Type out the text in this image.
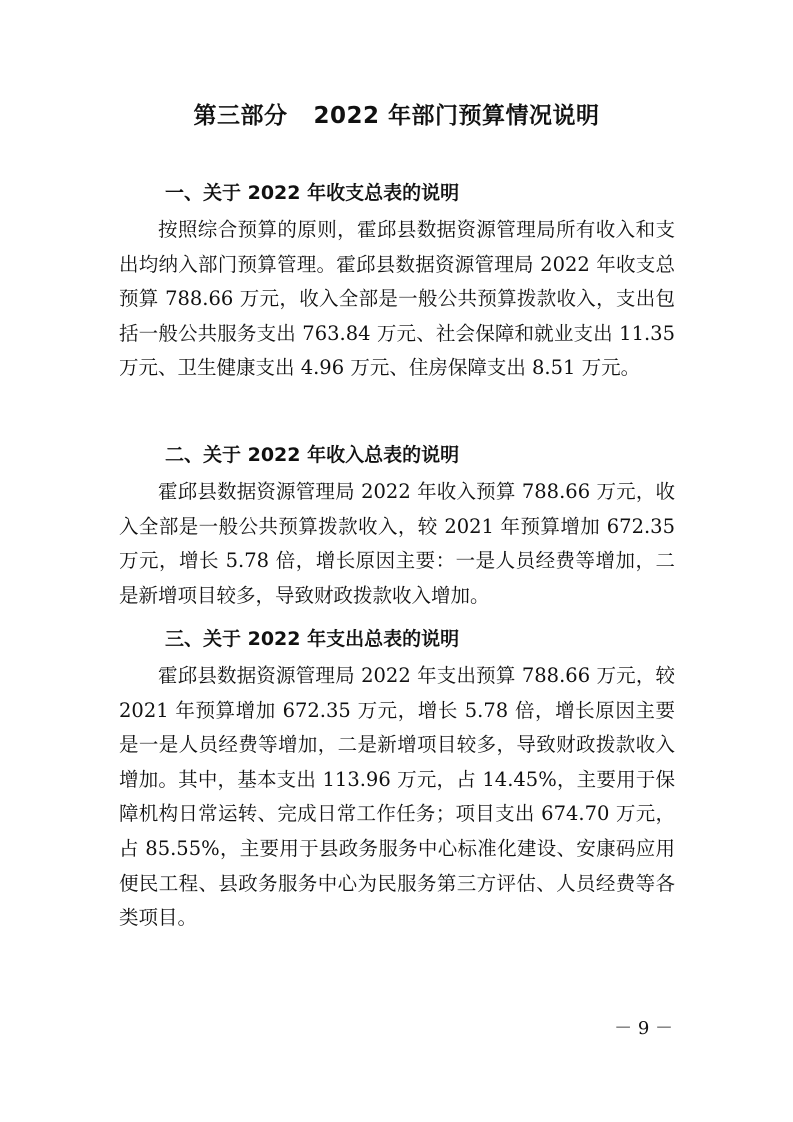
第三部分 2022 年部门预算情况说明
一、关于 2022 年收支总表的说明
按照综合预算的原则，霍邱县数据资源管理局所有收入和支出均纳入部门预算管理。霍邱县数据资源管理局 2022 年收支总预算 788.66 万元，收入全部是一般公共预算拨款收入，支出包括一般公共服务支出 763.84 万元、社会保障和就业支出 11.35 万元、卫生健康支出 4.96 万元、住房保障支出 8.51 万元。
二、关于 2022 年收入总表的说明
霍邱县数据资源管理局 2022 年收入预算 788.66 万元，收入全部是一般公共预算拨款收入，较 2021 年预算增加 672.35 万元，增长 5.78 倍，增长原因主要：一是人员经费等增加，二是新增项目较多，导致财政拨款收入增加。
三、关于 2022 年支出总表的说明
霍邱县数据资源管理局 2022 年支出预算 788.66 万元，较 2021 年预算增加 672.35 万元，增长 5.78 倍，增长原因主要是一是人员经费等增加，二是新增项目较多，导致财政拨款收入增加。其中，基本支出 113.96 万元，占 14.45%，主要用于保障机构日常运转、完成日常工作任务；项目支出 674.70 万元，占 85.55%，主要用于县政务服务中心标准化建设、安康码应用便民工程、县政务服务中心为民服务第三方评估、人员经费等各类项目。
－ 9 －
